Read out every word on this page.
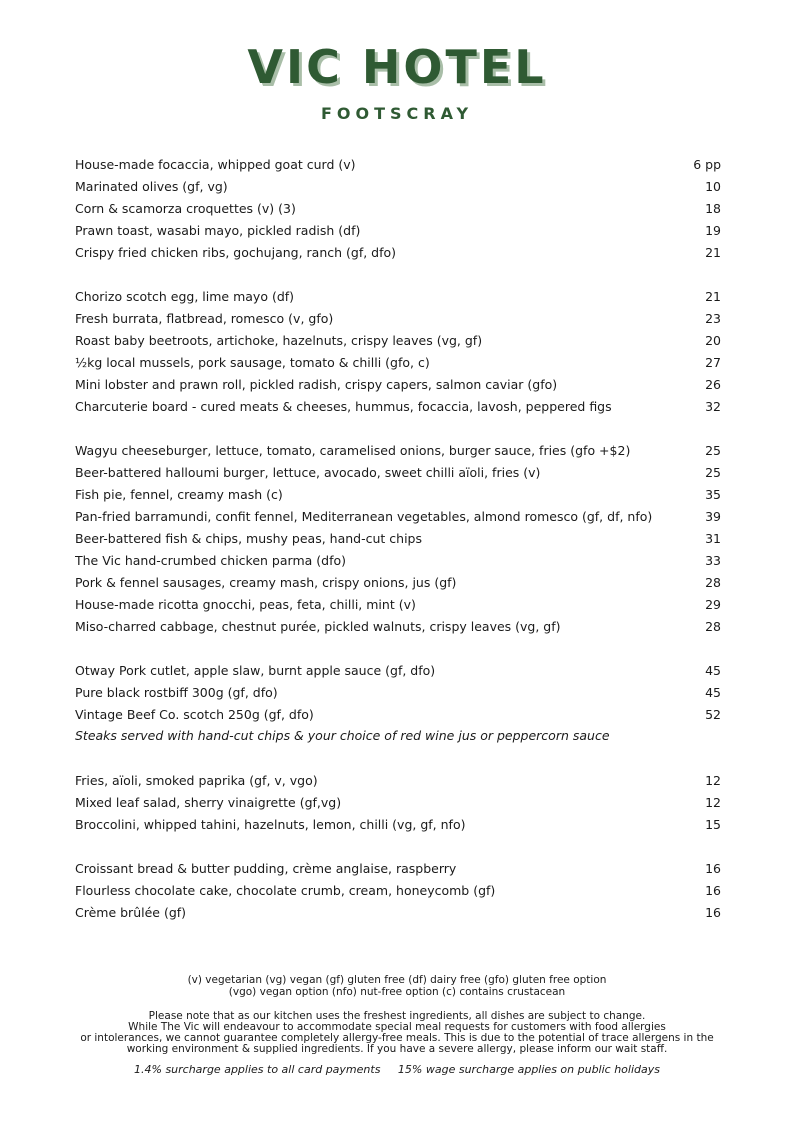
VIC HOTEL
FOOTSCRAY
House-made focaccia, whipped goat curd (v)	6 pp
Marinated olives (gf, vg)	10
Corn & scamorza croquettes (v) (3)	18
Prawn toast, wasabi mayo, pickled radish (df)	19
Crispy fried chicken ribs, gochujang, ranch (gf, dfo)	21
Chorizo scotch egg, lime mayo (df)	21
Fresh burrata, flatbread, romesco (v, gfo)	23
Roast baby beetroots, artichoke, hazelnuts, crispy leaves (vg, gf)	20
½kg local mussels, pork sausage, tomato & chilli (gfo, c)	27
Mini lobster and prawn roll, pickled radish, crispy capers, salmon caviar (gfo)	26
Charcuterie board - cured meats & cheeses, hummus, focaccia, lavosh, peppered figs	32
Wagyu cheeseburger, lettuce, tomato, caramelised onions, burger sauce, fries (gfo +$2)	25
Beer-battered halloumi burger, lettuce, avocado, sweet chilli aïoli, fries (v)	25
Fish pie, fennel, creamy mash (c)	35
Pan-fried barramundi, confit fennel, Mediterranean vegetables, almond romesco (gf, df, nfo)	39
Beer-battered fish & chips, mushy peas, hand-cut chips	31
The Vic hand-crumbed chicken parma (dfo)	33
Pork & fennel sausages, creamy mash, crispy onions, jus (gf)	28
House-made ricotta gnocchi, peas, feta, chilli, mint (v)	29
Miso-charred cabbage, chestnut purée, pickled walnuts, crispy leaves (vg, gf)	28
Otway Pork cutlet, apple slaw, burnt apple sauce (gf, dfo)	45
Pure black rostbiff 300g (gf, dfo)	45
Vintage Beef Co. scotch 250g (gf, dfo)	52
Steaks served with hand-cut chips & your choice of red wine jus or peppercorn sauce
Fries, aïoli, smoked paprika (gf, v, vgo)	12
Mixed leaf salad, sherry vinaigrette (gf,vg)	12
Broccolini, whipped tahini, hazelnuts, lemon, chilli (vg, gf, nfo)	15
Croissant bread & butter pudding, crème anglaise, raspberry	16
Flourless chocolate cake, chocolate crumb, cream, honeycomb (gf)	16
Crème brûlée (gf)	16
(v) vegetarian (vg) vegan (gf) gluten free (df) dairy free (gfo) gluten free option
(vgo) vegan option (nfo) nut-free option (c) contains crustacean
Please note that as our kitchen uses the freshest ingredients, all dishes are subject to change.
While The Vic will endeavour to accommodate special meal requests for customers with food allergies
or intolerances, we cannot guarantee completely allergy-free meals. This is due to the potential of trace allergens in the
working environment & supplied ingredients. If you have a severe allergy, please inform our wait staff.
1.4% surcharge applies to all card payments 15% wage surcharge applies on public holidays
